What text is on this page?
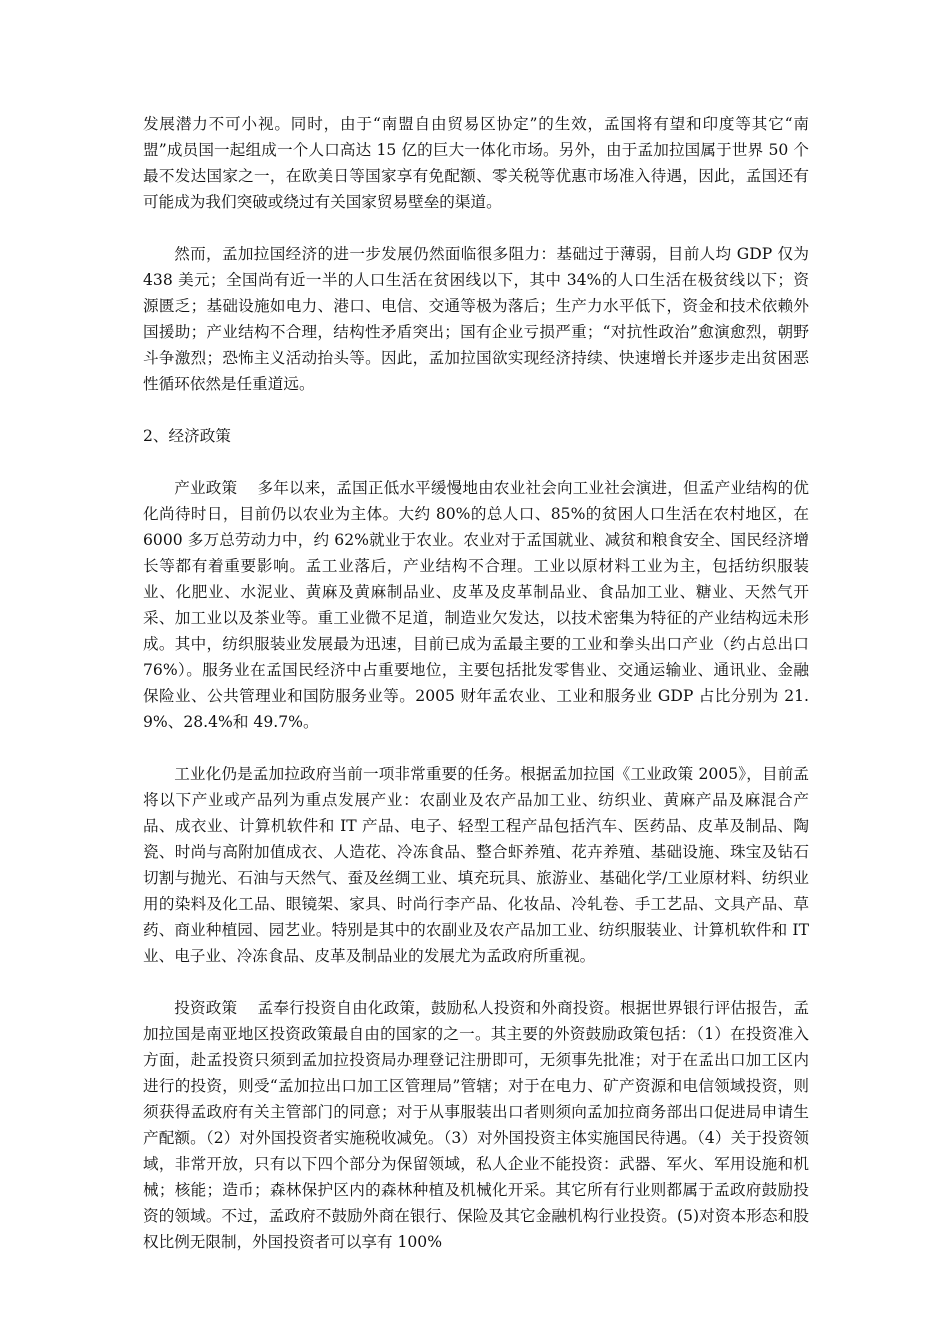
发展潜力不可小视。同时，由于“南盟自由贸易区协定”的生效，孟国将有望和印度等其它“南盟”成员国一起组成一个人口高达 15 亿的巨大一体化市场。另外，由于孟加拉国属于世界 50 个最不发达国家之一，在欧美日等国家享有免配额、零关税等优惠市场准入待遇，因此，孟国还有可能成为我们突破或绕过有关国家贸易壁垒的渠道。

然而，孟加拉国经济的进一步发展仍然面临很多阻力：基础过于薄弱，目前人均 GDP 仅为 438 美元；全国尚有近一半的人口生活在贫困线以下，其中 34%的人口生活在极贫线以下；资源匮乏；基础设施如电力、港口、电信、交通等极为落后；生产力水平低下，资金和技术依赖外国援助；产业结构不合理，结构性矛盾突出；国有企业亏损严重；“对抗性政治”愈演愈烈，朝野斗争激烈；恐怖主义活动抬头等。因此，孟加拉国欲实现经济持续、快速增长并逐步走出贫困恶性循环依然是任重道远。

2、经济政策

产业政策 多年以来，孟国正低水平缓慢地由农业社会向工业社会演进，但孟产业结构的优化尚待时日，目前仍以农业为主体。大约 80%的总人口、85%的贫困人口生活在农村地区，在 6000 多万总劳动力中，约 62%就业于农业。农业对于孟国就业、减贫和粮食安全、国民经济增长等都有着重要影响。孟工业落后，产业结构不合理。工业以原材料工业为主，包括纺织服装业、化肥业、水泥业、黄麻及黄麻制品业、皮革及皮革制品业、食品加工业、糖业、天然气开采、加工业以及茶业等。重工业微不足道，制造业欠发达，以技术密集为特征的产业结构远未形成。其中，纺织服装业发展最为迅速，目前已成为孟最主要的工业和拳头出口产业（约占总出口 76%）。服务业在孟国民经济中占重要地位，主要包括批发零售业、交通运输业、通讯业、金融保险业、公共管理业和国防服务业等。2005 财年孟农业、工业和服务业 GDP 占比分别为 21.9%、28.4%和 49.7%。

工业化仍是孟加拉政府当前一项非常重要的任务。根据孟加拉国《工业政策 2005》，目前孟将以下产业或产品列为重点发展产业：农副业及农产品加工业、纺织业、黄麻产品及麻混合产品、成衣业、计算机软件和 IT 产品、电子、轻型工程产品包括汽车、医药品、皮革及制品、陶瓷、时尚与高附加值成衣、人造花、冷冻食品、整合虾养殖、花卉养殖、基础设施、珠宝及钻石切割与抛光、石油与天然气、蚕及丝绸工业、填充玩具、旅游业、基础化学/工业原材料、纺织业用的染料及化工品、眼镜架、家具、时尚行李产品、化妆品、冷轧卷、手工艺品、文具产品、草药、商业种植园、园艺业。特别是其中的农副业及农产品加工业、纺织服装业、计算机软件和 IT 业、电子业、冷冻食品、皮革及制品业的发展尤为孟政府所重视。

投资政策 孟奉行投资自由化政策，鼓励私人投资和外商投资。根据世界银行评估报告，孟加拉国是南亚地区投资政策最自由的国家的之一。其主要的外资鼓励政策包括：（1）在投资准入方面，赴孟投资只须到孟加拉投资局办理登记注册即可，无须事先批准；对于在孟出口加工区内进行的投资，则受“孟加拉出口加工区管理局”管辖；对于在电力、矿产资源和电信领域投资，则须获得孟政府有关主管部门的同意；对于从事服装出口者则须向孟加拉商务部出口促进局申请生产配额。（2）对外国投资者实施税收减免。（3）对外国投资主体实施国民待遇。（4）关于投资领域，非常开放，只有以下四个部分为保留领域，私人企业不能投资：武器、军火、军用设施和机械；核能；造币；森林保护区内的森林种植及机械化开采。其它所有行业则都属于孟政府鼓励投资的领域。不过，孟政府不鼓励外商在银行、保险及其它金融机构行业投资。(5)对资本形态和股权比例无限制，外国投资者可以享有 100%
